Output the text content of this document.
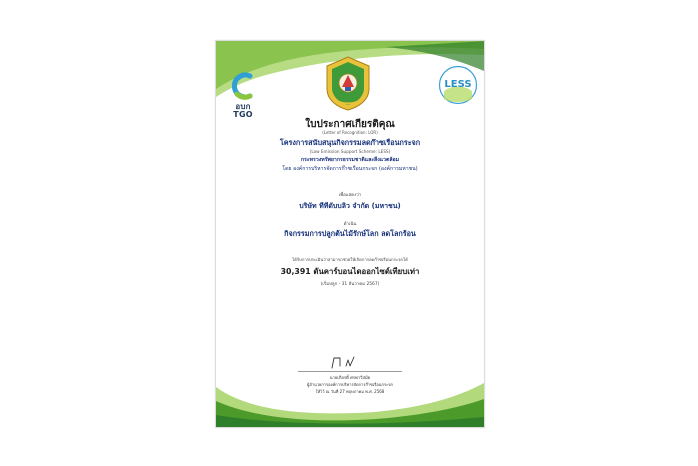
อบก TGO
LESS
ใบประกาศเกียรติคุณ
(Letter of Recognition: LOR)
โครงการสนับสนุนกิจกรรมลดก๊าซเรือนกระจก
(Low Emission Support Scheme: LESS)
กระทรวงทรัพยากรธรรมชาติและสิ่งแวดล้อม
โดย องค์การบริหารจัดการก๊าซเรือนกระจก (องค์การมหาชน)
เพื่อแสดงว่า
บริษัท ทีทีดับบลิว จำกัด (มหาชน)
ดำเนิน
กิจกรรมการปลูกต้นไม้รักษ์โลก ลดโลกร้อน
ได้รับการประเมินว่าสามารถช่วยให้เกิดการลดก๊าซเรือนกระจกได้
30,391 ตันคาร์บอนไดออกไซด์เทียบเท่า
(เริ่มปลูก - 31 ธันวาคม 2567)
นายเกียรติ์ ศรพาวีสมัย
ผู้อำนวยการองค์การบริหารจัดการก๊าซเรือนกระจก
ให้ไว้ ณ วันที่ 27 พฤษภาคม พ.ศ. 2568
